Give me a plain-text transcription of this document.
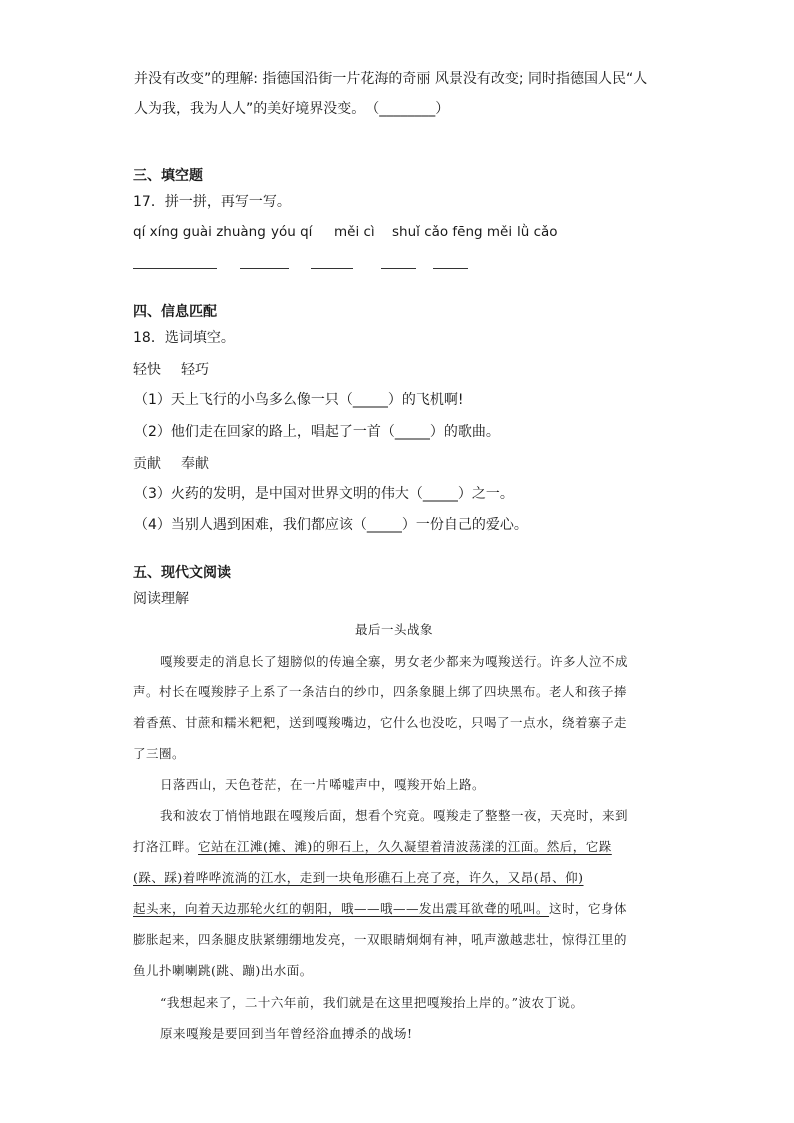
并没有改变”的理解: 指德国沿街一片花海的奇丽 风景没有改变; 同时指德国人民“人
人为我，我为人人”的美好境界没变。　（________）
三、填空题
17．拼一拼，再写一写。
qí xíng guài zhuàng yóu qí měi cì shuǐ cǎo fēng měi lǜ cǎo
四、信息匹配
18．选词填空。
轻快 轻巧
（1）天上飞行的小鸟多么像一只（_____）的飞机啊!
（2）他们走在回家的路上，唱起了一首（_____）的歌曲。
贡献 奉献
（3）火药的发明，是中国对世界文明的伟大（_____）之一。
（4）当别人遇到困难，我们都应该（_____）一份自己的爱心。
五、现代文阅读
阅读理解
最后一头战象
嘎羧要走的消息长了翅膀似的传遍全寨，男女老少都来为嘎羧送行。许多人泣不成
声。村长在嘎羧脖子上系了一条洁白的纱巾，四条象腿上绑了四块黑布。老人和孩子捧
着香蕉、甘蔗和糯米粑粑，送到嘎羧嘴边，它什么也没吃，只喝了一点水，绕着寨子走
了三圈。
日落西山，天色苍茫，在一片唏嘘声中，嘎羧开始上路。
我和波农丁悄悄地跟在嘎羧后面，想看个究竟。嘎羧走了整整一夜，天亮时，来到
打洛江畔。它站在江滩(摊、滩)的卵石上，久久凝望着清波荡漾的江面。然后，它跺
(跺、踩)着哗哗流淌的江水，走到一块龟形礁石上亮了亮，许久，又昂(昂、仰)
起头来，向着天边那轮火红的朝阳，哦——哦——发出震耳欲聋的吼叫。这时，它身体
膨胀起来，四条腿皮肤紧绷绷地发亮，一双眼睛炯炯有神，吼声激越悲壮，惊得江里的
鱼儿扑喇喇跳(跳、蹦)出水面。
“我想起来了，二十六年前，我们就是在这里把嘎羧抬上岸的。”波农丁说。
原来嘎羧是要回到当年曾经浴血搏杀的战场!
